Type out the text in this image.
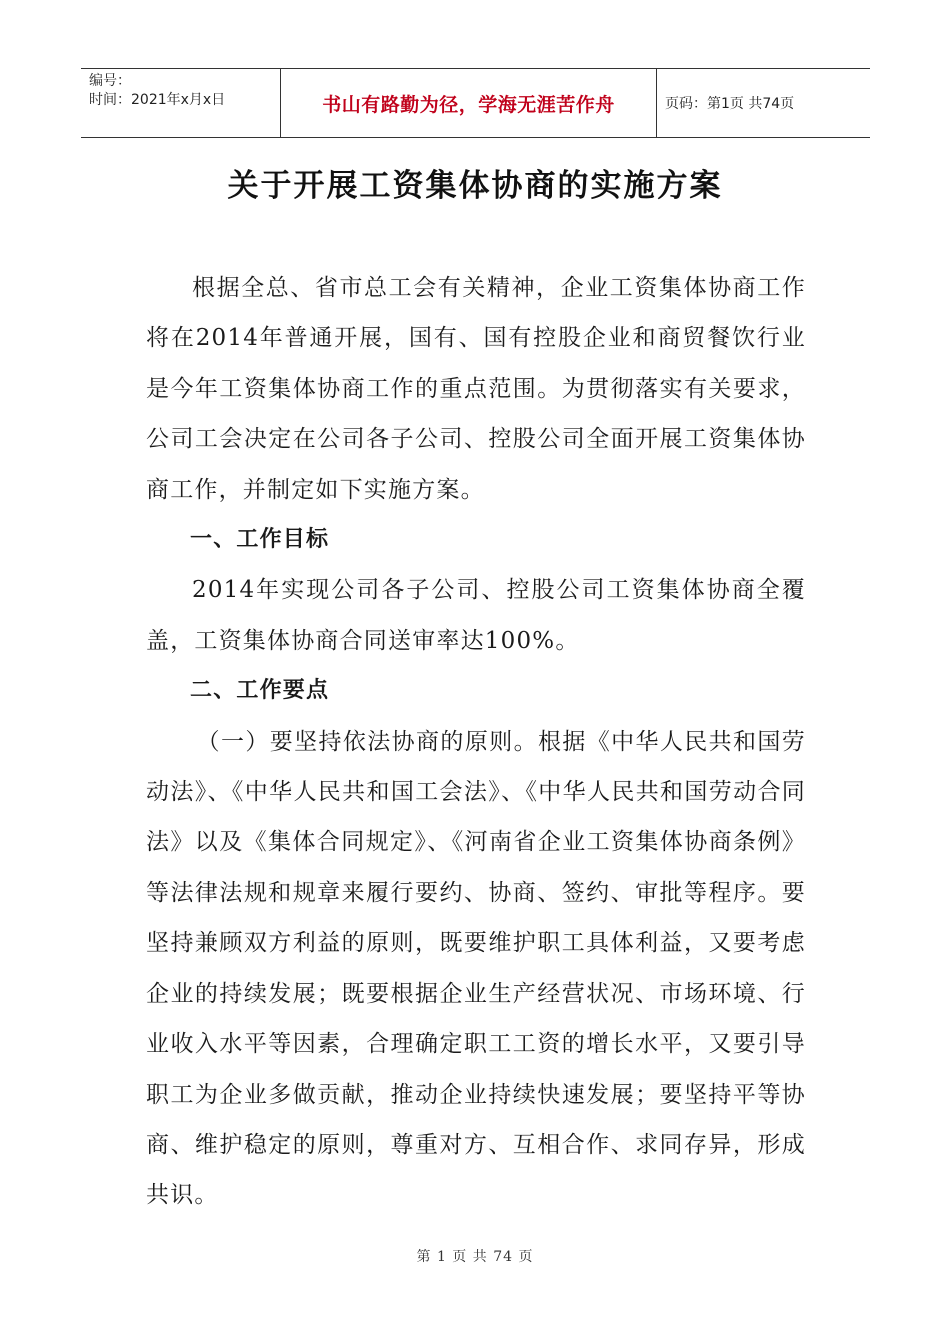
编号：
时间：2021年x月x日	书山有路勤为径，学海无涯苦作舟	页码：第1页 共74页
关于开展工资集体协商的实施方案

根据全总、省市总工会有关精神，企业工资集体协商工作将在2014年普通开展，国有、国有控股企业和商贸餐饮行业是今年工资集体协商工作的重点范围。为贯彻落实有关要求，公司工会决定在公司各子公司、控股公司全面开展工资集体协商工作，并制定如下实施方案。

一、工作目标

2014年实现公司各子公司、控股公司工资集体协商全覆盖，工资集体协商合同送审率达100%。

二、工作要点

（一）要坚持依法协商的原则。根据《中华人民共和国劳动法》、《中华人民共和国工会法》、《中华人民共和国劳动合同法》以及《集体合同规定》、《河南省企业工资集体协商条例》等法律法规和规章来履行要约、协商、签约、审批等程序。要坚持兼顾双方利益的原则，既要维护职工具体利益，又要考虑企业的持续发展；既要根据企业生产经营状况、市场环境、行业收入水平等因素，合理确定职工工资的增长水平，又要引导职工为企业多做贡献，推动企业持续快速发展；要坚持平等协商、维护稳定的原则，尊重对方、互相合作、求同存异，形成共识。

第 1 页 共 74 页
